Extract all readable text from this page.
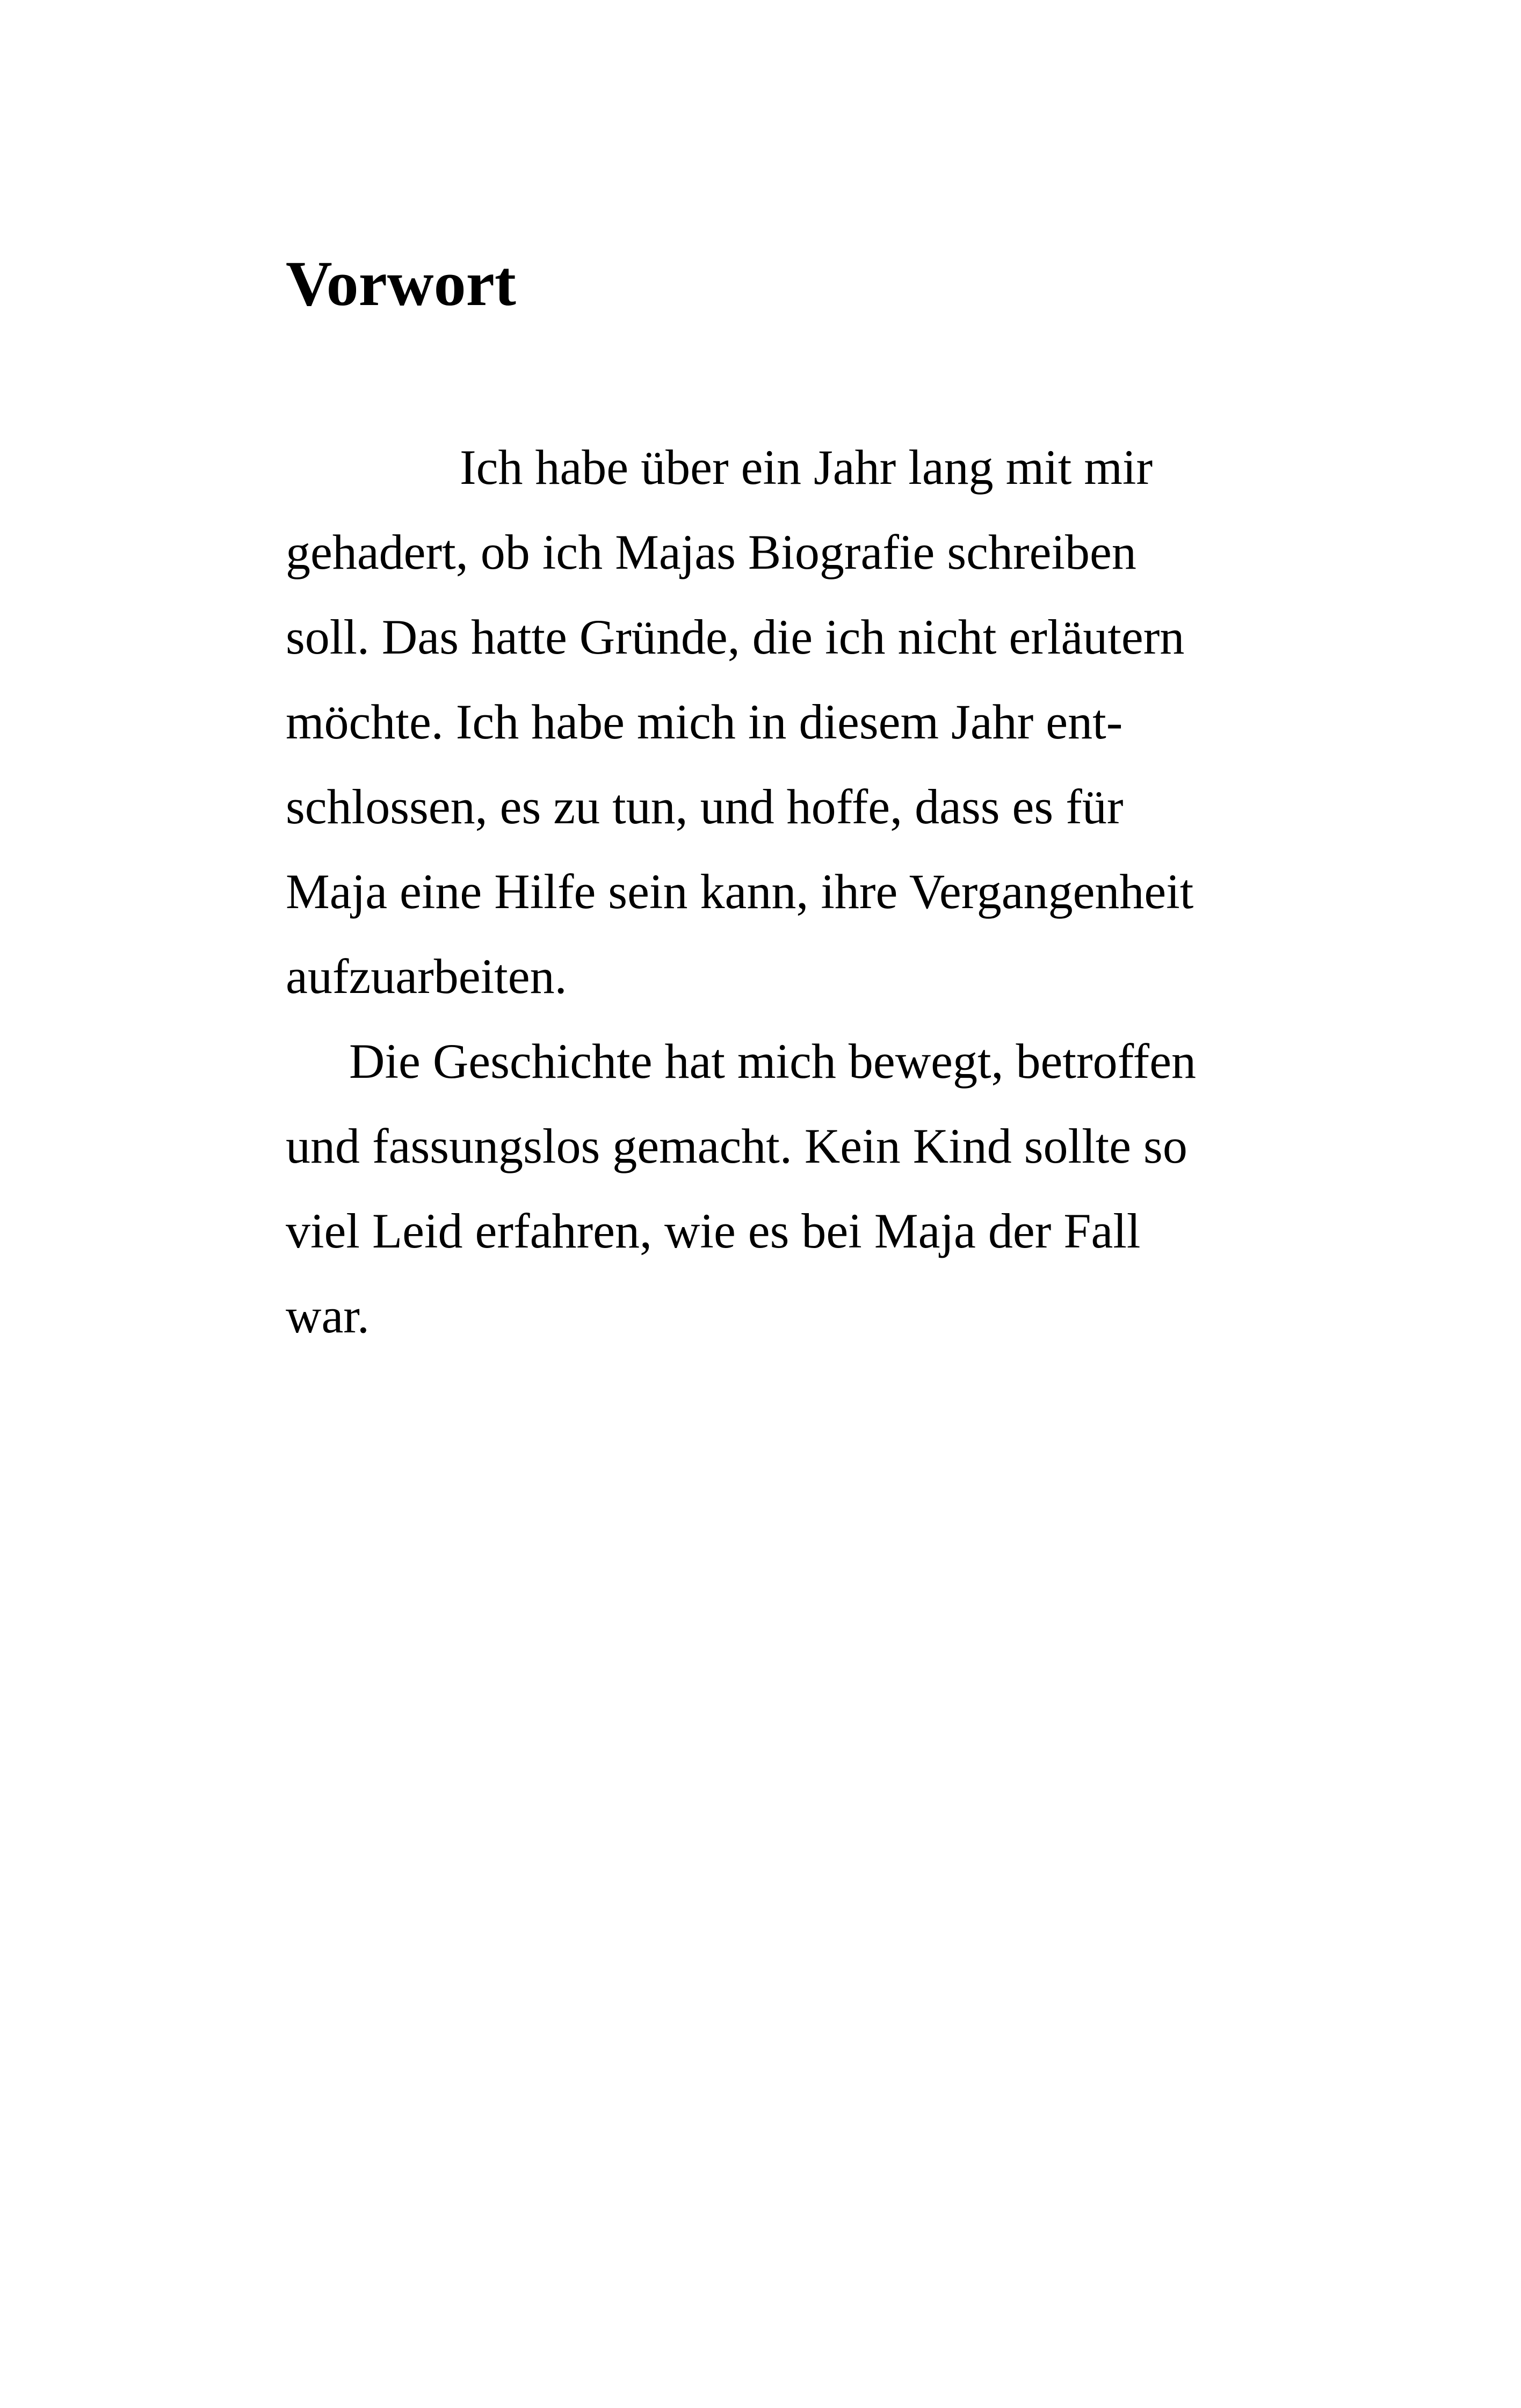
Vorwort

Ich habe über ein Jahr lang mit mir

gehadert, ob ich Majas Biografie schreiben

soll. Das hatte Gründe, die ich nicht erläutern

möchte. Ich habe mich in diesem Jahr ent-

schlossen, es zu tun, und hoffe, dass es für

Maja eine Hilfe sein kann, ihre Vergangenheit

aufzuarbeiten.

Die Geschichte hat mich bewegt, betroffen

und fassungslos gemacht. Kein Kind sollte so

viel Leid erfahren, wie es bei Maja der Fall

war.
